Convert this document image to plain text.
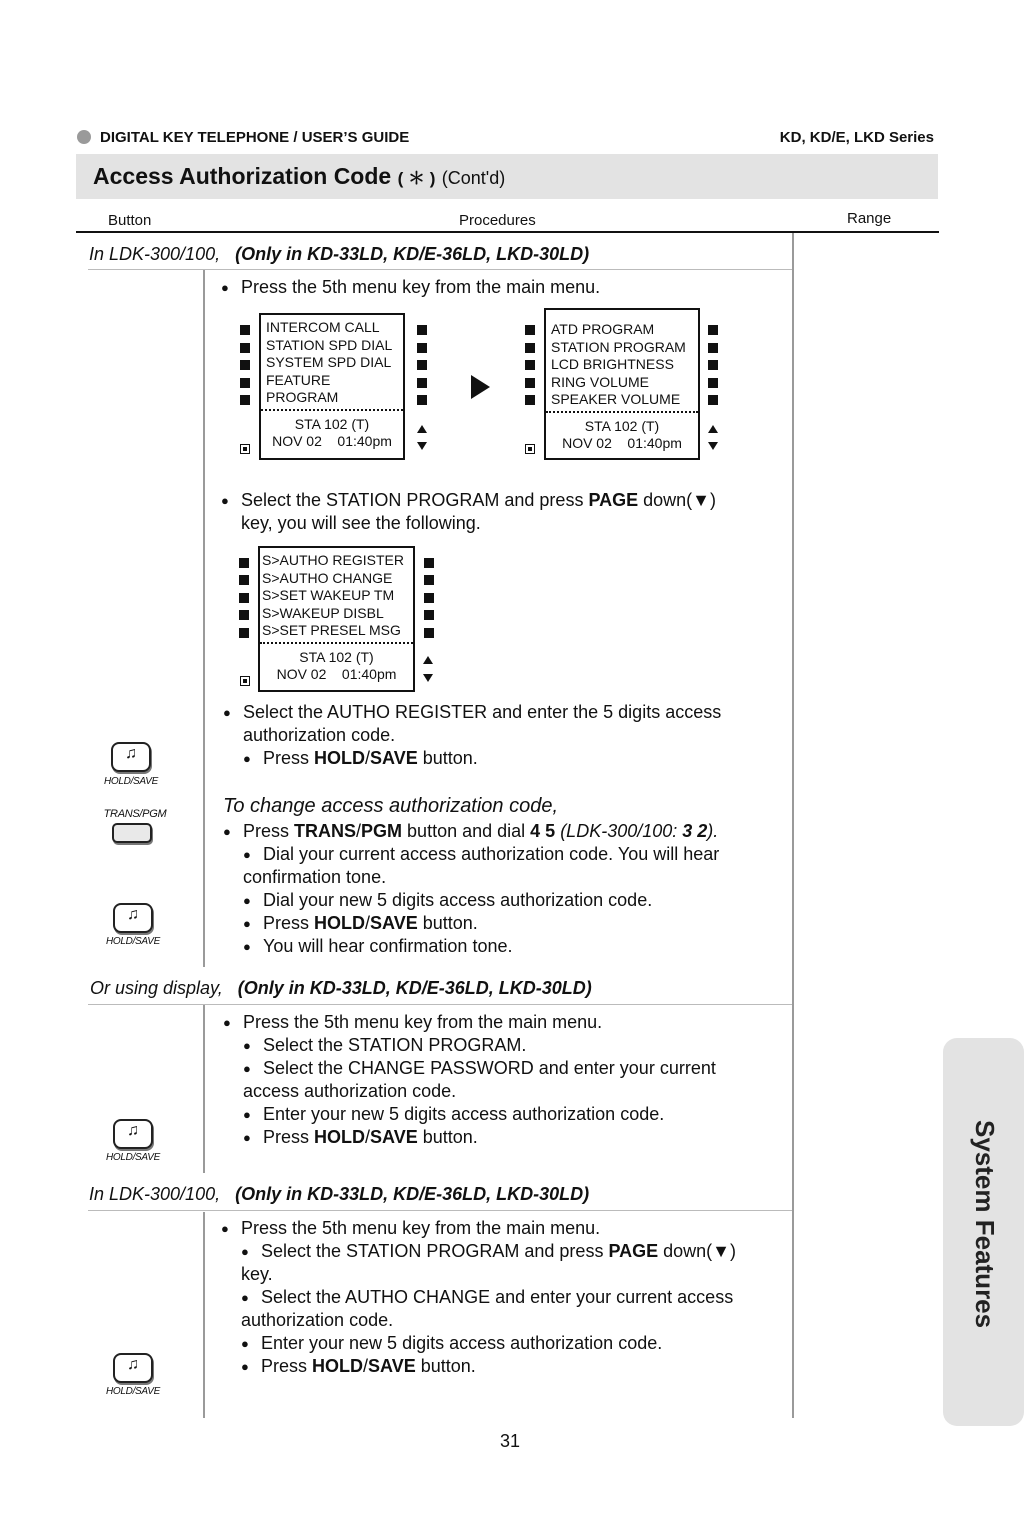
DIGITAL KEY TELEPHONE / USER’S GUIDE	KD, KD/E, LKD Series
Access Authorization Code ( ＊ ) (Cont'd)
Button	Procedures	Range
In LDK-300/100, (Only in KD-33LD, KD/E-36LD, LKD-30LD)
● Press the 5th menu key from the main menu.
INTERCOM CALL
STATION SPD DIAL
SYSTEM SPD DIAL
FEATURE
PROGRAM
STA 102 (T)
NOV 02    01:40pm
ATD PROGRAM
STATION PROGRAM
LCD BRIGHTNESS
RING VOLUME
SPEAKER VOLUME
STA 102 (T)
NOV 02    01:40pm
● Select the STATION PROGRAM and press PAGE down(▼)
key, you will see the following.
S>AUTHO REGISTER
S>AUTHO CHANGE
S>SET WAKEUP TM
S>WAKEUP DISBL
S>SET PRESEL MSG
STA 102 (T)
NOV 02    01:40pm
● Select the AUTHO REGISTER and enter the 5 digits access
authorization code.
● Press HOLD/SAVE button.
♫
HOLD/SAVE
TRANS/PGM
♫
HOLD/SAVE
To change access authorization code,
● Press TRANS/PGM button and dial 4 5 (LDK-300/100: 3 2).
● Dial your current access authorization code. You will hear
confirmation tone.
● Dial your new 5 digits access authorization code.
● Press HOLD/SAVE button.
● You will hear confirmation tone.
Or using display, (Only in KD-33LD, KD/E-36LD, LKD-30LD)
● Press the 5th menu key from the main menu.
● Select the STATION PROGRAM.
● Select the CHANGE PASSWORD and enter your current
access authorization code.
● Enter your new 5 digits access authorization code.
● Press HOLD/SAVE button.
♫
HOLD/SAVE
In LDK-300/100, (Only in KD-33LD, KD/E-36LD, LKD-30LD)
● Press the 5th menu key from the main menu.
● Select the STATION PROGRAM and press PAGE down(▼)
key.
● Select the AUTHO CHANGE and enter your current access
authorization code.
● Enter your new 5 digits access authorization code.
● Press HOLD/SAVE button.
♫
HOLD/SAVE
System Features
31
